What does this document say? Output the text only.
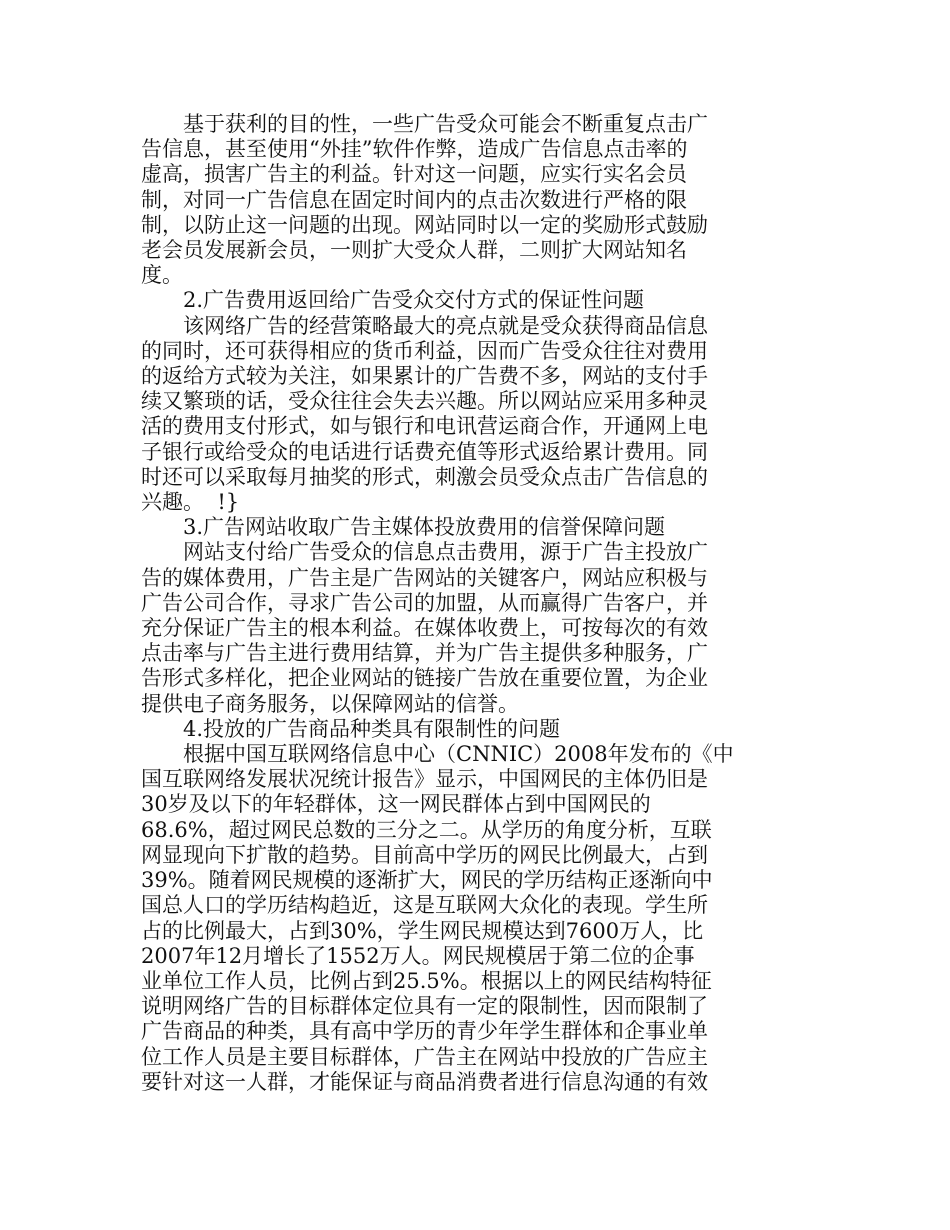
基于获利的目的性，一些广告受众可能会不断重复点击广
告信息，甚至使用“外挂”软件作弊，造成广告信息点击率的
虚高，损害广告主的利益。针对这一问题，应实行实名会员
制，对同一广告信息在固定时间内的点击次数进行严格的限
制，以防止这一问题的出现。网站同时以一定的奖励形式鼓励
老会员发展新会员，一则扩大受众人群，二则扩大网站知名
度。
2.广告费用返回给广告受众交付方式的保证性问题
该网络广告的经营策略最大的亮点就是受众获得商品信息
的同时，还可获得相应的货币利益，因而广告受众往往对费用
的返给方式较为关注，如果累计的广告费不多，网站的支付手
续又繁琐的话，受众往往会失去兴趣。所以网站应采用多种灵
活的费用支付形式，如与银行和电讯营运商合作，开通网上电
子银行或给受众的电话进行话费充值等形式返给累计费用。同
时还可以采取每月抽奖的形式，刺激会员受众点击广告信息的
兴趣。  !}
3.广告网站收取广告主媒体投放费用的信誉保障问题
网站支付给广告受众的信息点击费用，源于广告主投放广
告的媒体费用，广告主是广告网站的关键客户，网站应积极与
广告公司合作，寻求广告公司的加盟，从而赢得广告客户，并
充分保证广告主的根本利益。在媒体收费上，可按每次的有效
点击率与广告主进行费用结算，并为广告主提供多种服务，广
告形式多样化，把企业网站的链接广告放在重要位置，为企业
提供电子商务服务，以保障网站的信誉。
4.投放的广告商品种类具有限制性的问题
根据中国互联网络信息中心（CNNIC）2008年发布的《中
国互联网络发展状况统计报告》显示，中国网民的主体仍旧是
30岁及以下的年轻群体，这一网民群体占到中国网民的
68.6%，超过网民总数的三分之二。从学历的角度分析，互联
网显现向下扩散的趋势。目前高中学历的网民比例最大，占到
39%。随着网民规模的逐渐扩大，网民的学历结构正逐渐向中
国总人口的学历结构趋近，这是互联网大众化的表现。学生所
占的比例最大，占到30%，学生网民规模达到7600万人，比
2007年12月增长了1552万人。网民规模居于第二位的企事
业单位工作人员，比例占到25.5%。根据以上的网民结构特征
说明网络广告的目标群体定位具有一定的限制性，因而限制了
广告商品的种类，具有高中学历的青少年学生群体和企事业单
位工作人员是主要目标群体，广告主在网站中投放的广告应主
要针对这一人群，才能保证与商品消费者进行信息沟通的有效
